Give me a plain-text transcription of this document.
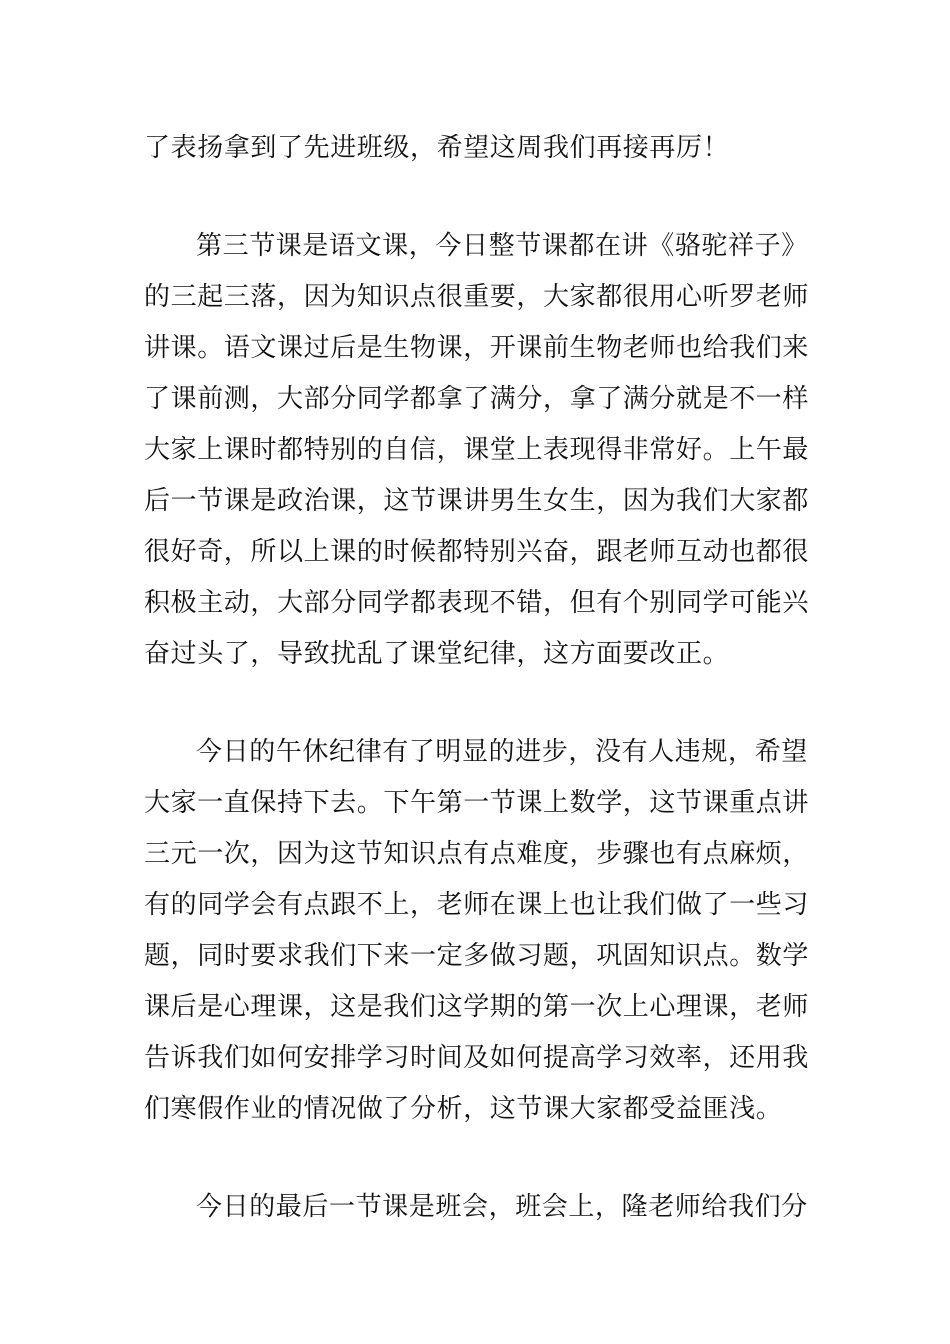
了表扬拿到了先进班级，希望这周我们再接再厉！
第三节课是语文课，今日整节课都在讲《骆驼祥子》
的三起三落，因为知识点很重要，大家都很用心听罗老师
讲课。语文课过后是生物课，开课前生物老师也给我们来
了课前测，大部分同学都拿了满分，拿了满分就是不一样
大家上课时都特别的自信，课堂上表现得非常好。上午最
后一节课是政治课，这节课讲男生女生，因为我们大家都
很好奇，所以上课的时候都特别兴奋，跟老师互动也都很
积极主动，大部分同学都表现不错，但有个别同学可能兴
奋过头了，导致扰乱了课堂纪律，这方面要改正。
今日的午休纪律有了明显的进步，没有人违规，希望
大家一直保持下去。下午第一节课上数学，这节课重点讲
三元一次，因为这节知识点有点难度，步骤也有点麻烦，
有的同学会有点跟不上，老师在课上也让我们做了一些习
题，同时要求我们下来一定多做习题，巩固知识点。数学
课后是心理课，这是我们这学期的第一次上心理课，老师
告诉我们如何安排学习时间及如何提高学习效率，还用我
们寒假作业的情况做了分析，这节课大家都受益匪浅。
今日的最后一节课是班会，班会上，隆老师给我们分
